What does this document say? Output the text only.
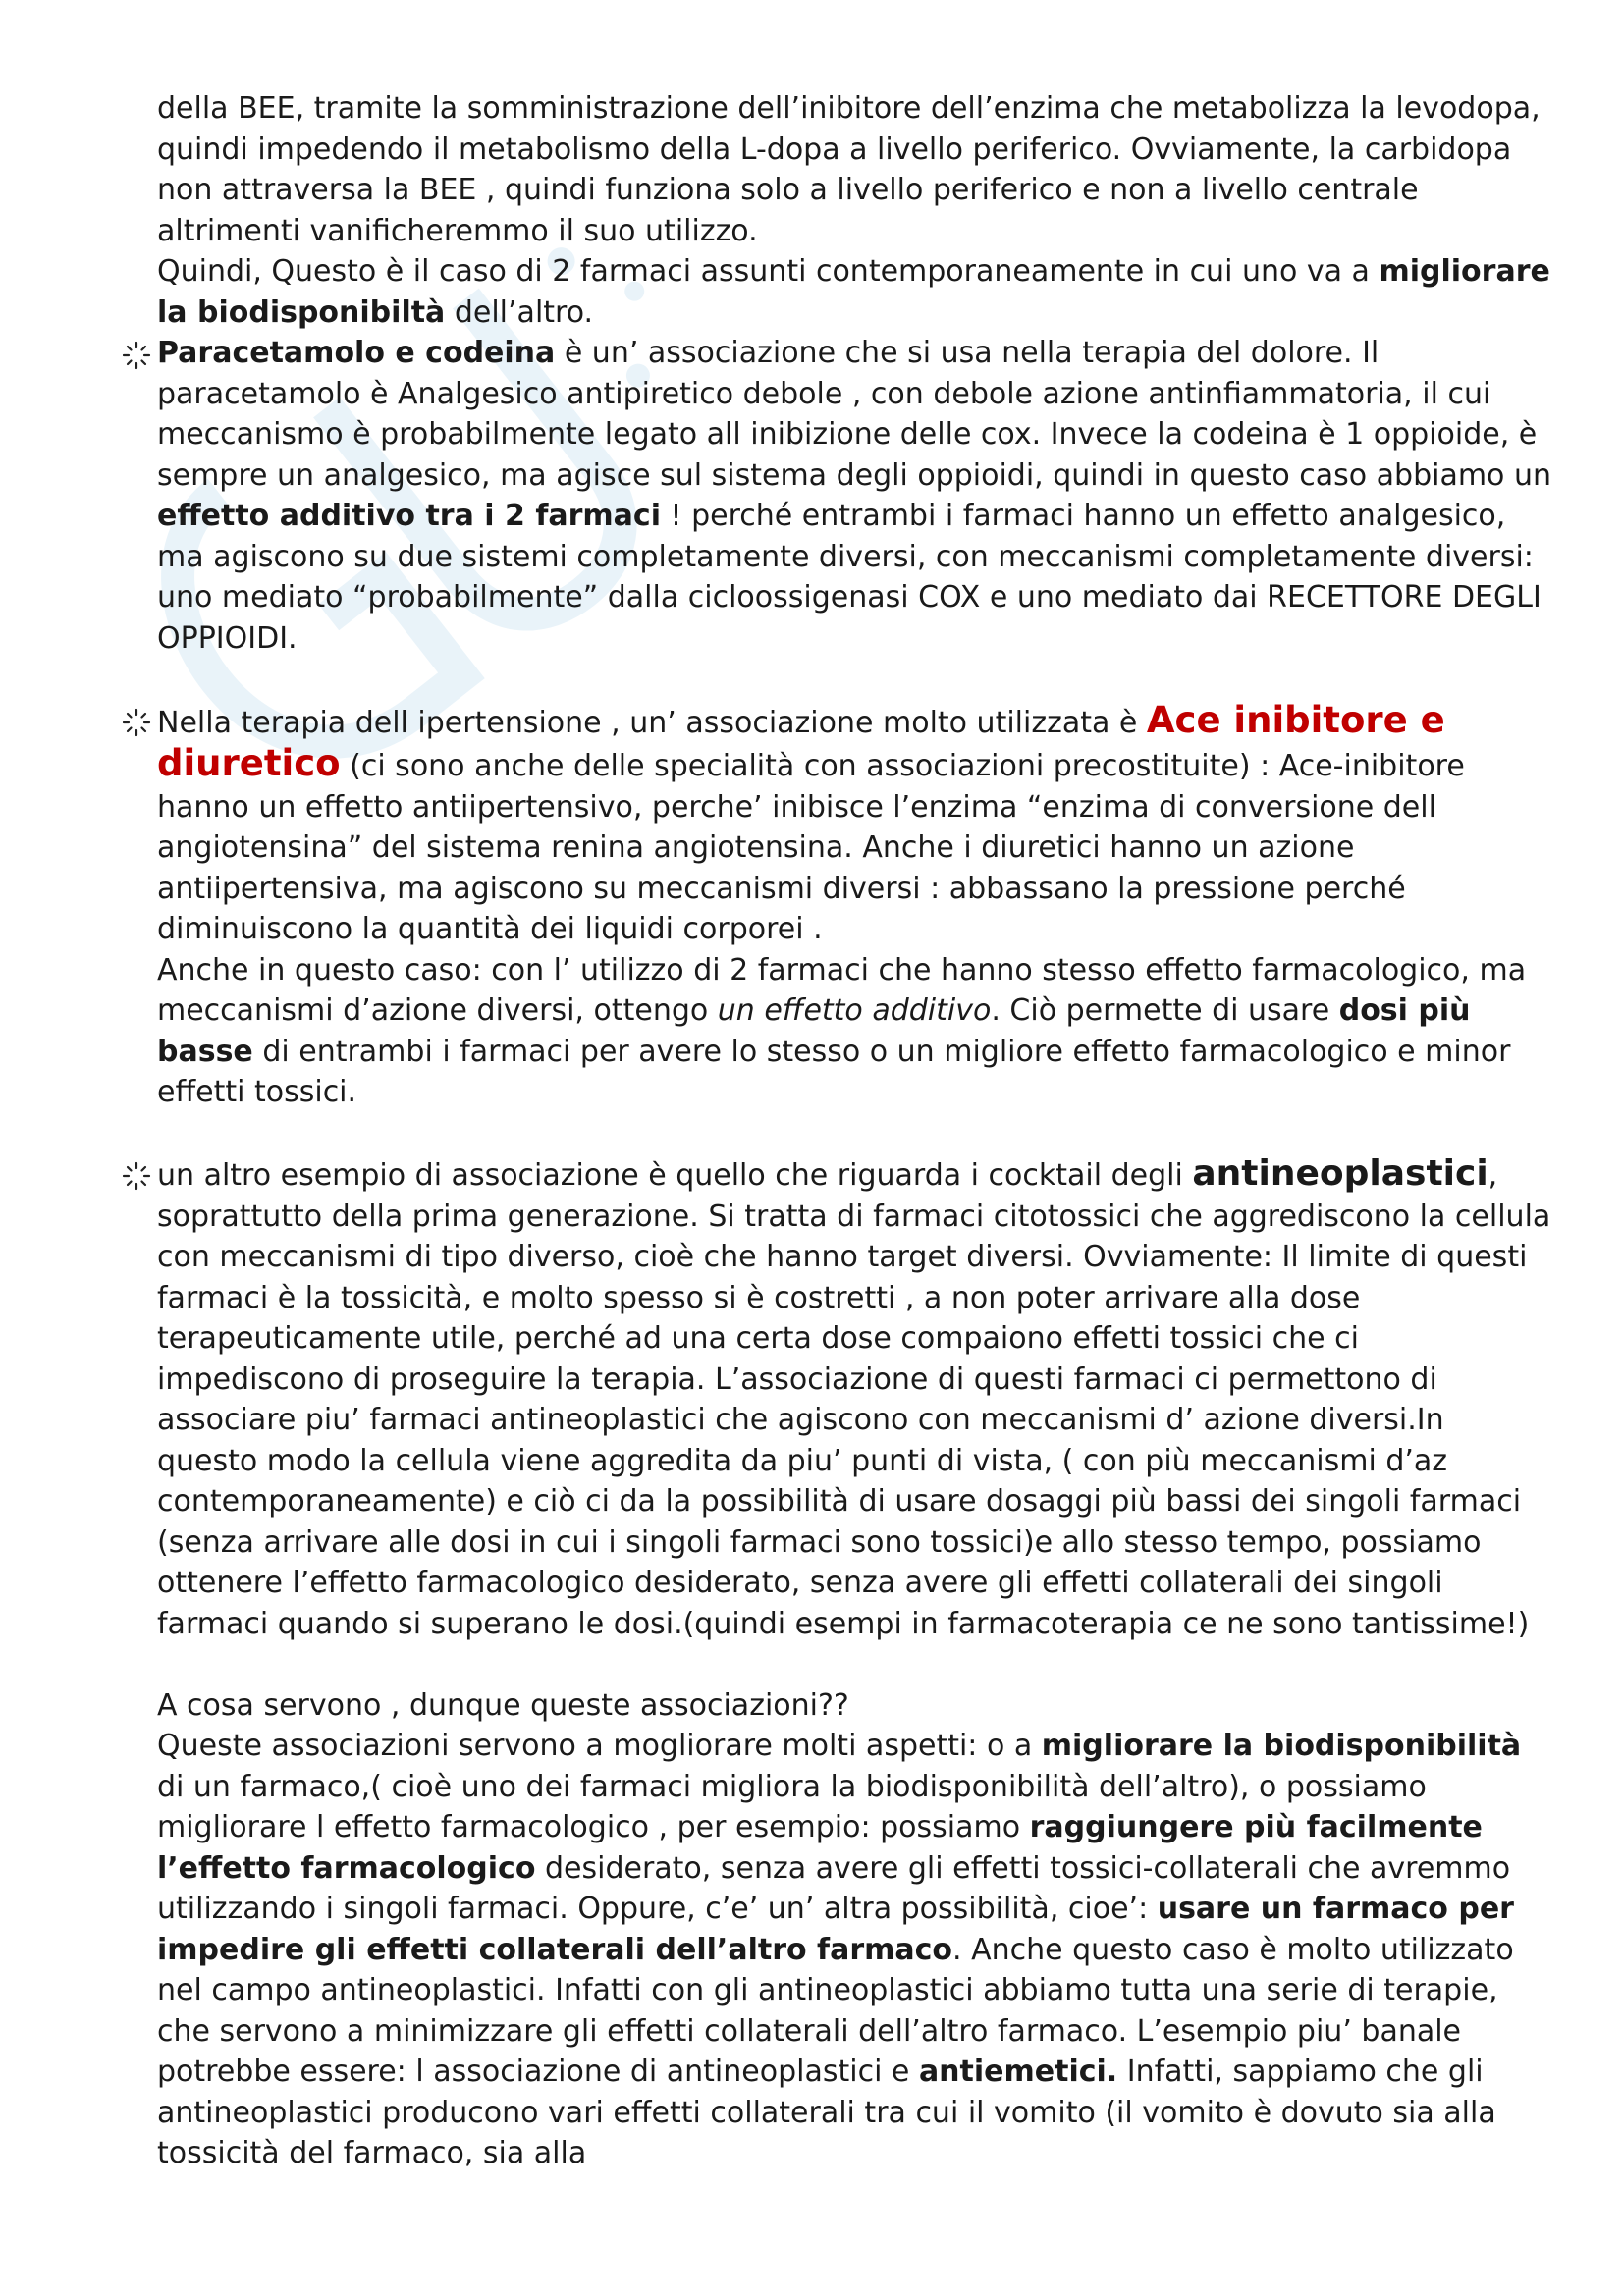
della BEE, tramite la somministrazione dell’inibitore dell’enzima che metabolizza la levodopa, quindi impedendo il metabolismo della L-dopa a livello periferico. Ovviamente, la carbidopa non attraversa la BEE , quindi funziona solo a livello periferico e non a livello centrale altrimenti vanificheremmo il suo utilizzo.

Quindi, Questo è il caso di 2 farmaci assunti contemporaneamente in cui uno va a migliorare la biodisponibiltà dell’altro.

Paracetamolo e codeina è un’ associazione che si usa nella terapia del dolore. Il paracetamolo è Analgesico antipiretico debole , con debole azione antinfiammatoria, il cui meccanismo è probabilmente legato all inibizione delle cox. Invece la codeina è 1 oppioide, è sempre un analgesico, ma agisce sul sistema degli oppioidi, quindi in questo caso abbiamo un effetto additivo tra i 2 farmaci ! perché entrambi i farmaci hanno un effetto analgesico, ma agiscono su due sistemi completamente diversi, con meccanismi completamente diversi: uno mediato “probabilmente” dalla cicloossigenasi COX e uno mediato dai RECETTORE DEGLI OPPIOIDI.

Nella terapia dell ipertensione , un’ associazione molto utilizzata è Ace inibitore e diuretico (ci sono anche delle specialità con associazioni precostituite) : Ace-inibitore hanno un effetto antiipertensivo, perche’ inibisce l’enzima “enzima di conversione dell angiotensina” del sistema renina angiotensina. Anche i diuretici hanno un azione antiipertensiva, ma agiscono su meccanismi diversi : abbassano la pressione perché diminuiscono la quantità dei liquidi corporei .

Anche in questo caso: con l’ utilizzo di 2 farmaci che hanno stesso effetto farmacologico, ma meccanismi d’azione diversi, ottengo un effetto additivo. Ciò permette di usare dosi più basse di entrambi i farmaci per avere lo stesso o un migliore effetto farmacologico e minor effetti tossici.

un altro esempio di associazione è quello che riguarda i cocktail degli antineoplastici, soprattutto della prima generazione. Si tratta di farmaci citotossici che aggrediscono la cellula con meccanismi di tipo diverso, cioè che hanno target diversi. Ovviamente: Il limite di questi farmaci è la tossicità, e molto spesso si è costretti , a non poter arrivare alla dose terapeuticamente utile, perché ad una certa dose compaiono effetti tossici che ci impediscono di proseguire la terapia. L’associazione di questi farmaci ci permettono di associare piu’ farmaci antineoplastici che agiscono con meccanismi d’ azione diversi.In questo modo la cellula viene aggredita da piu’ punti di vista, ( con più meccanismi d’az contemporaneamente) e ciò ci da la possibilità di usare dosaggi più bassi dei singoli farmaci (senza arrivare alle dosi in cui i singoli farmaci sono tossici)e allo stesso tempo, possiamo ottenere l’effetto farmacologico desiderato, senza avere gli effetti collaterali dei singoli farmaci quando si superano le dosi.(quindi esempi in farmacoterapia ce ne sono tantissime!)

A cosa servono , dunque queste associazioni??

Queste associazioni servono a mogliorare molti aspetti: o a migliorare la biodisponibilità di un farmaco,( cioè uno dei farmaci migliora la biodisponibilità dell’altro), o possiamo migliorare l effetto farmacologico , per esempio: possiamo raggiungere più facilmente l’effetto farmacologico desiderato, senza avere gli effetti tossici-collaterali che avremmo utilizzando i singoli farmaci. Oppure, c’e’ un’ altra possibilità, cioe’: usare un farmaco per impedire gli effetti collaterali dell’altro farmaco. Anche questo caso è molto utilizzato nel campo antineoplastici. Infatti con gli antineoplastici abbiamo tutta una serie di terapie, che servono a minimizzare gli effetti collaterali dell’altro farmaco. L’esempio piu’ banale potrebbe essere: l associazione di antineoplastici e antiemetici. Infatti, sappiamo che gli antineoplastici producono vari effetti collaterali tra cui il vomito (il vomito è dovuto sia alla tossicità del farmaco, sia alla
